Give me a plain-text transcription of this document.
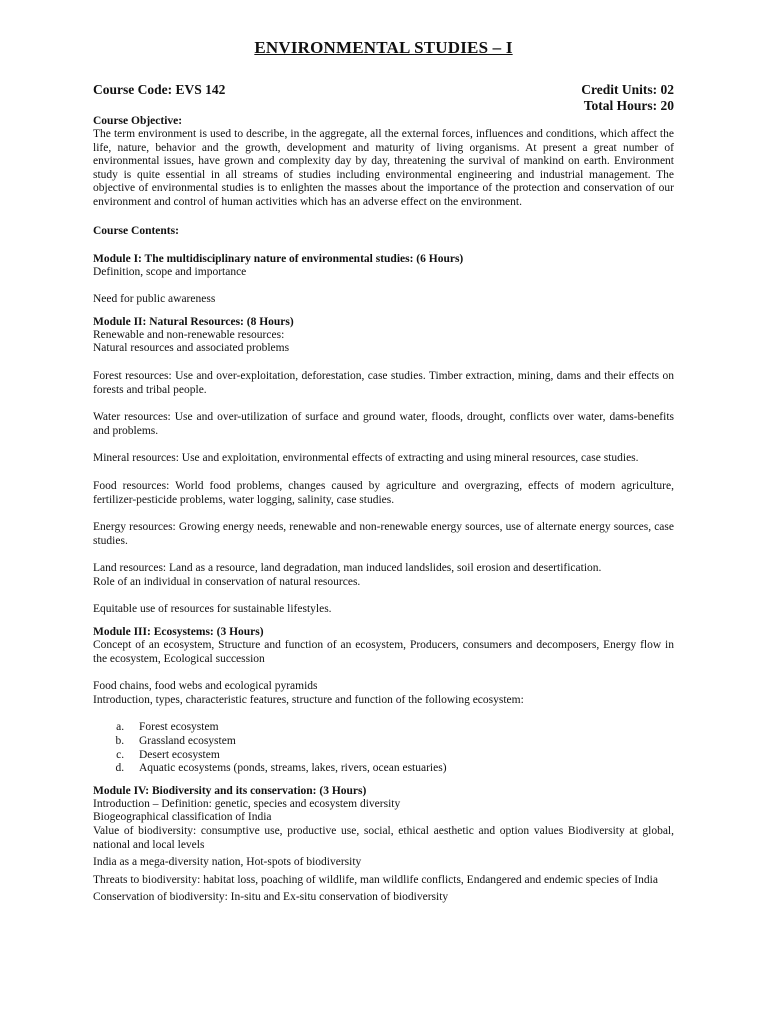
ENVIRONMENTAL STUDIES – I
Course Code: EVS 142	Credit Units: 02
Total Hours: 20
Course Objective:

The term environment is used to describe, in the aggregate, all the external forces, influences and conditions, which affect the life, nature, behavior and the growth, development and maturity of living organisms. At present a great number of environmental issues, have grown and complexity day by day, threatening the survival of mankind on earth. Environment study is quite essential in all streams of studies including environmental engineering and industrial management. The objective of environmental studies is to enlighten the masses about the importance of the protection and conservation of our environment and control of human activities which has an adverse effect on the environment.

Course Contents:
Module I: The multidisciplinary nature of environmental studies: (6 Hours)

Definition, scope and importance

Need for public awareness

Module II: Natural Resources: (8 Hours)

Renewable and non-renewable resources:

Natural resources and associated problems

Forest resources: Use and over-exploitation, deforestation, case studies. Timber extraction, mining, dams and their effects on forests and tribal people.

Water resources: Use and over-utilization of surface and ground water, floods, drought, conflicts over water, dams-benefits and problems.

Mineral resources: Use and exploitation, environmental effects of extracting and using mineral resources, case studies.

Food resources: World food problems, changes caused by agriculture and overgrazing, effects of modern agriculture, fertilizer-pesticide problems, water logging, salinity, case studies.

Energy resources: Growing energy needs, renewable and non-renewable energy sources, use of alternate energy sources, case studies.

Land resources: Land as a resource, land degradation, man induced landslides, soil erosion and desertification.

Role of an individual in conservation of natural resources.

Equitable use of resources for sustainable lifestyles.

Module III: Ecosystems: (3 Hours)

Concept of an ecosystem, Structure and function of an ecosystem, Producers, consumers and decomposers, Energy flow in the ecosystem, Ecological succession

Food chains, food webs and ecological pyramids

Introduction, types, characteristic features, structure and function of the following ecosystem:

a. Forest ecosystem
b. Grassland ecosystem
c. Desert ecosystem
d. Aquatic ecosystems (ponds, streams, lakes, rivers, ocean estuaries)
Module IV: Biodiversity and its conservation: (3 Hours)

Introduction – Definition: genetic, species and ecosystem diversity

Biogeographical classification of India

Value of biodiversity: consumptive use, productive use, social, ethical aesthetic and option values Biodiversity at global, national and local levels

India as a mega-diversity nation, Hot-spots of biodiversity

Threats to biodiversity: habitat loss, poaching of wildlife, man wildlife conflicts, Endangered and endemic species of India

Conservation of biodiversity: In-situ and Ex-situ conservation of biodiversity
